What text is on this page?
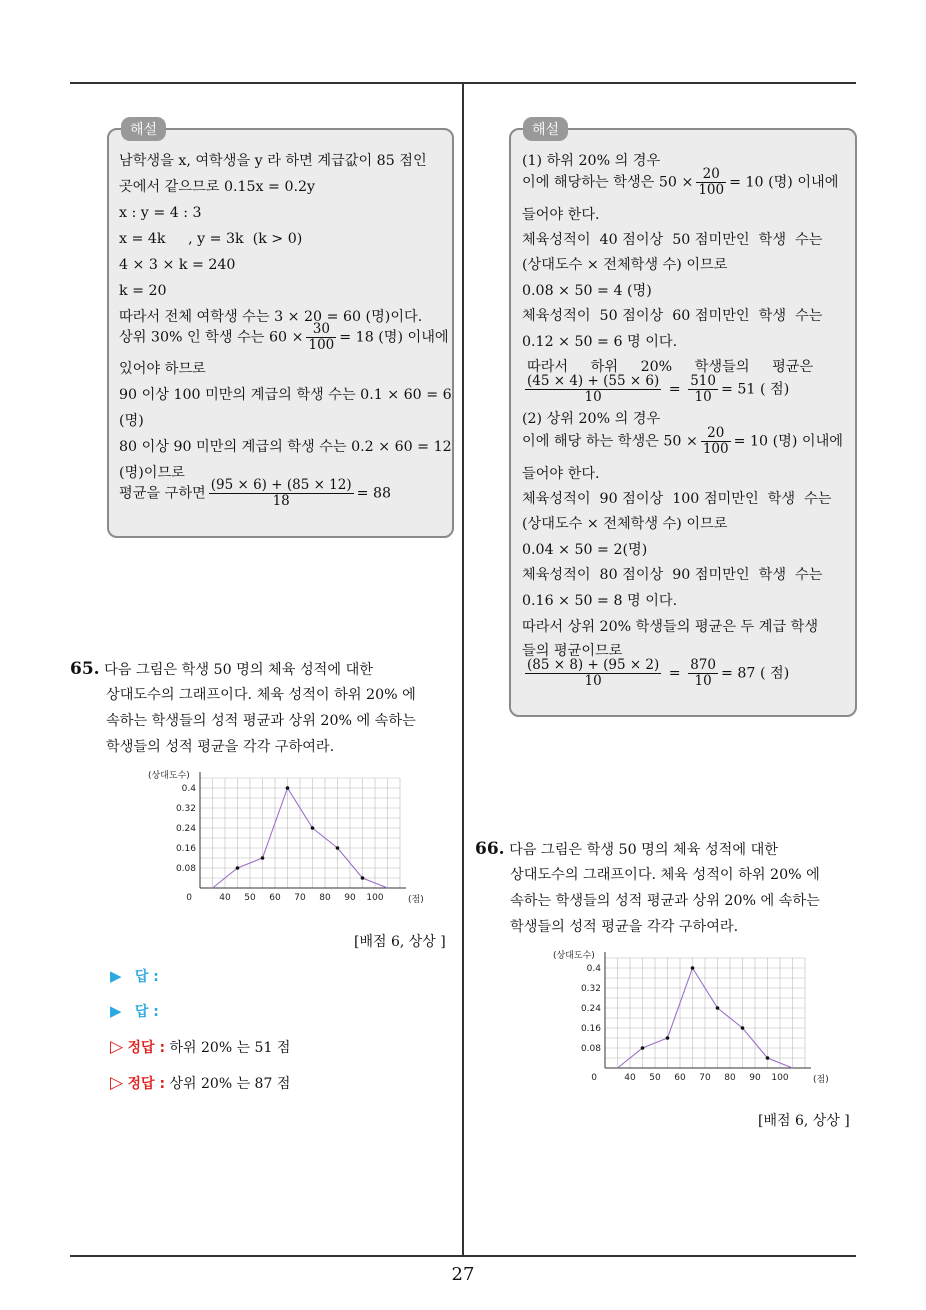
해설
남학생을 x, 여학생을 y 라 하면 계급값이 85 점인
곳에서 같으므로 0.15x = 0.2y
x : y = 4 : 3
x = 4k     , y = 3k  (k > 0)
4 × 3 × k = 240
k = 20
따라서 전체 여학생 수는 3 × 20 = 60 (명)이다.
상위 30% 인 학생 수는 $60 \times \frac{30}{100} = 18$ (명) 이내에
있어야 하므로
90 이상 100 미만의 계급의 학생 수는 0.1 × 60 = 6
(명)
80 이상 90 미만의 계급의 학생 수는 0.2 × 60 = 12
(명)이므로
평균을 구하면 $\frac{(95 \times 6) + (85 \times 12)}{18} = 88$
해설
(1) 하위 20% 의 경우
이에 해당하는 학생은 $50 \times \frac{20}{100} = 10$ (명) 이내에
들어야 한다.
체육성적이  40 점이상  50 점미만인  학생  수는
(상대도수 × 전체학생 수) 이므로
0.08 × 50 = 4 (명)
체육성적이  50 점이상  60 점미만인  학생  수는
0.12 × 50 = 6 명 이다.
따라서     하위     20%     학생들의     평균은
$\frac{(45 \times 4) + (55 \times 6)}{10} = \frac{510}{10} = 51$ ( 점)
(2) 상위 20% 의 경우
이에 해당 하는 학생은 $50 \times \frac{20}{100} = 10$ (명) 이내에
들어야 한다.
체육성적이  90 점이상  100 점미만인  학생  수는
(상대도수 × 전체학생 수) 이므로
0.04 × 50 = 2(명)
체육성적이  80 점이상  90 점미만인  학생  수는
0.16 × 50 = 8 명 이다.
따라서 상위 20% 학생들의 평균은 두 계급 학생
들의 평균이므로
$\frac{(85 \times 8) + (95 \times 2)}{10} = \frac{870}{10} = 87$ ( 점)
65. 다음 그림은 학생 50 명의 체육 성적에 대한
상대도수의 그래프이다. 체육 성적이 하위 20% 에
속하는 학생들의 성적 평균과 상위 20% 에 속하는
학생들의 성적 평균을 각각 구하여라.
(상대도수)
(점)
0	40 50 60 70 80 90 100
0.08
0.16
0.24
0.32
0.4
[배점 6, 상상 ]
▶ 답 :
▶ 답 :
▷ 정답 : 하위 20% 는 51 점
▷ 정답 : 상위 20% 는 87 점
66. 다음 그림은 학생 50 명의 체육 성적에 대한
상대도수의 그래프이다. 체육 성적이 하위 20% 에
속하는 학생들의 성적 평균과 상위 20% 에 속하는
학생들의 성적 평균을 각각 구하여라.
(상대도수)
(점)
0	40 50 60 70 80 90 100
0.08
0.16
0.24
0.32
0.4
[배점 6, 상상 ]
27
